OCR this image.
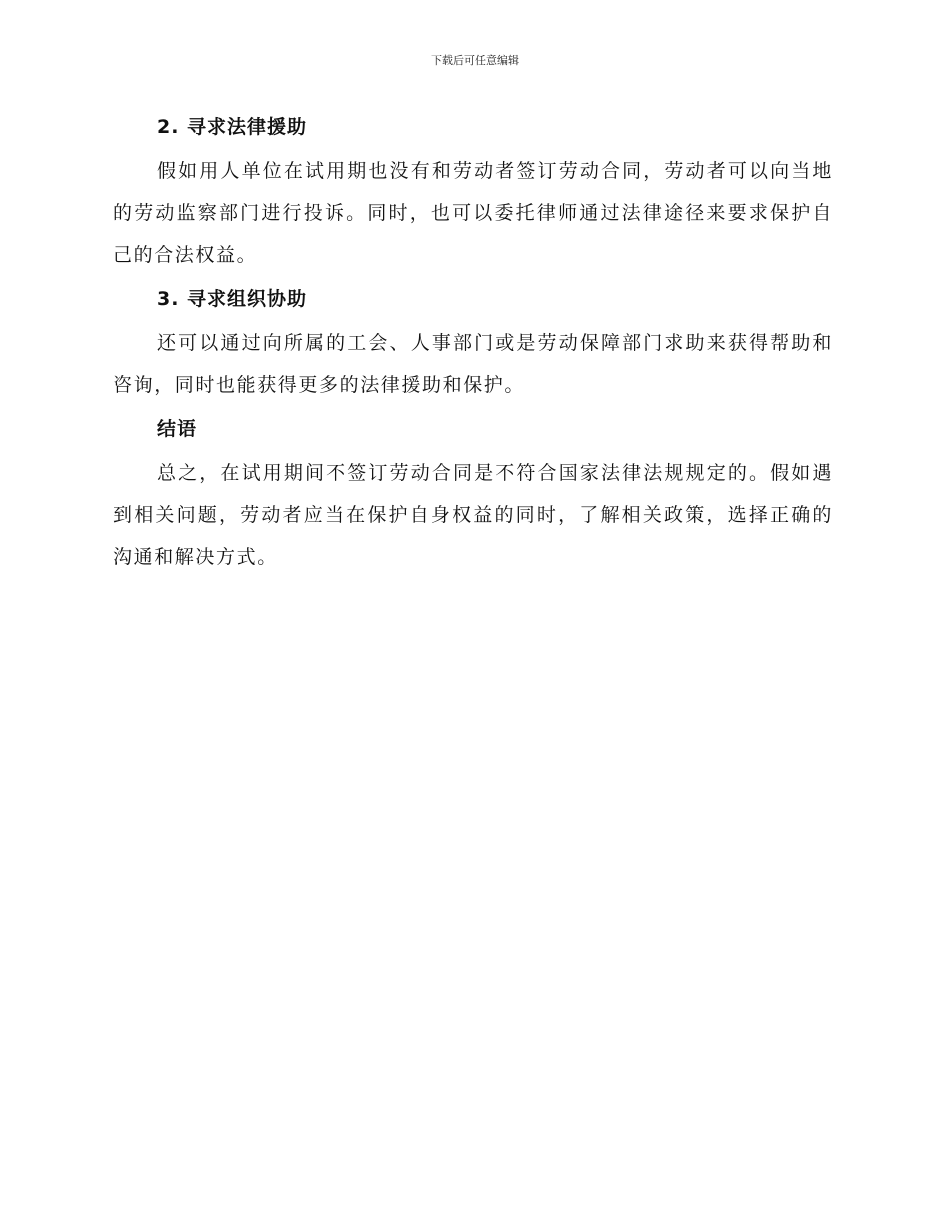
下载后可任意编辑
2. 寻求法律援助

假如用人单位在试用期也没有和劳动者签订劳动合同，劳动者可以向当地的劳动监察部门进行投诉。同时，也可以委托律师通过法律途径来要求保护自己的合法权益。

3. 寻求组织协助

还可以通过向所属的工会、人事部门或是劳动保障部门求助来获得帮助和咨询，同时也能获得更多的法律援助和保护。

结语

总之，在试用期间不签订劳动合同是不符合国家法律法规规定的。假如遇到相关问题，劳动者应当在保护自身权益的同时，了解相关政策，选择正确的沟通和解决方式。
